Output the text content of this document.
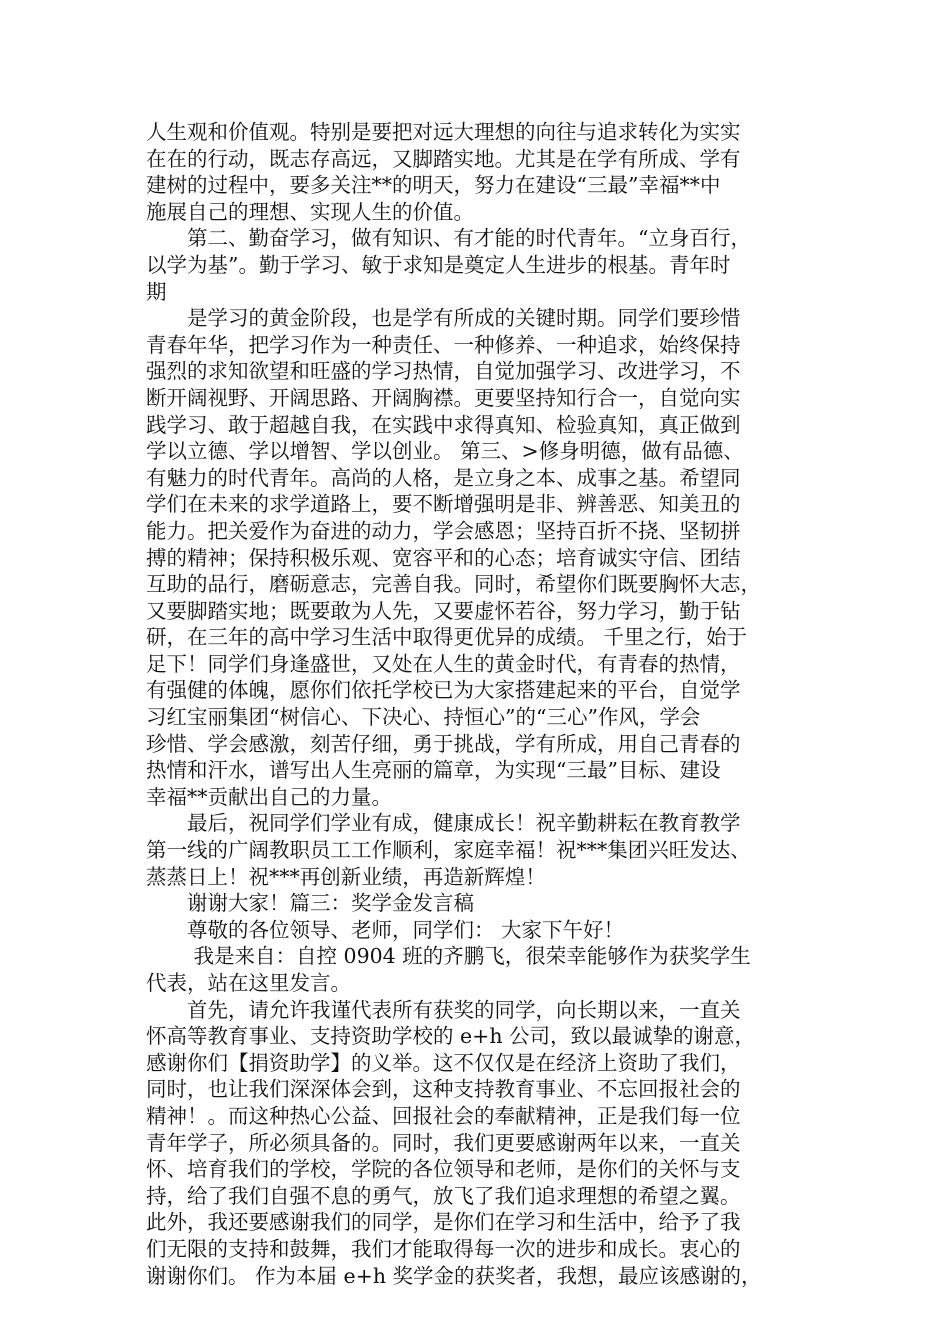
人生观和价值观。特别是要把对远大理想的向往与追求转化为实实
在在的行动，既志存高远，又脚踏实地。尤其是在学有所成、学有
建树的过程中，要多关注**的明天，努力在建设“三最”幸福**中
施展自己的理想、实现人生的价值。
　　第二、勤奋学习，做有知识、有才能的时代青年。“立身百行，
以学为基”。勤于学习、敏于求知是奠定人生进步的根基。青年时
期
　　是学习的黄金阶段，也是学有所成的关键时期。同学们要珍惜
青春年华，把学习作为一种责任、一种修养、一种追求，始终保持
强烈的求知欲望和旺盛的学习热情，自觉加强学习、改进学习，不
断开阔视野、开阔思路、开阔胸襟。更要坚持知行合一，自觉向实
践学习、敢于超越自我，在实践中求得真知、检验真知，真正做到
学以立德、学以增智、学以创业。 第三、>修身明德，做有品德、
有魅力的时代青年。高尚的人格，是立身之本、成事之基。希望同
学们在未来的求学道路上，要不断增强明是非、辨善恶、知美丑的
能力。把关爱作为奋进的动力，学会感恩；坚持百折不挠、坚韧拼
搏的精神；保持积极乐观、宽容平和的心态；培育诚实守信、团结
互助的品行，磨砺意志，完善自我。同时，希望你们既要胸怀大志，
又要脚踏实地；既要敢为人先，又要虚怀若谷，努力学习，勤于钻
研，在三年的高中学习生活中取得更优异的成绩。 千里之行，始于
足下！同学们身逢盛世，又处在人生的黄金时代，有青春的热情，
有强健的体魄，愿你们依托学校已为大家搭建起来的平台，自觉学
习红宝丽集团“树信心、下决心、持恒心”的“三心”作风，学会
珍惜、学会感激，刻苦仔细，勇于挑战，学有所成，用自己青春的
热情和汗水，谱写出人生亮丽的篇章，为实现“三最”目标、建设
幸福**贡献出自己的力量。
　　最后，祝同学们学业有成，健康成长！祝辛勤耕耘在教育教学
第一线的广阔教职员工工作顺利，家庭幸福！祝***集团兴旺发达、
蒸蒸日上！祝***再创新业绩，再造新辉煌！
　　谢谢大家！篇三：奖学金发言稿
　　尊敬的各位领导、老师，同学们： 大家下午好！
　　 我是来自：自控 0904 班的齐鹏飞，很荣幸能够作为获奖学生
代表，站在这里发言。
　　首先，请允许我谨代表所有获奖的同学，向长期以来，一直关
怀高等教育事业、支持资助学校的 e+h 公司，致以最诚挚的谢意，
感谢你们【捐资助学】的义举。这不仅仅是在经济上资助了我们，
同时，也让我们深深体会到，这种支持教育事业、不忘回报社会的
精神！。而这种热心公益、回报社会的奉献精神，正是我们每一位
青年学子，所必须具备的。同时，我们更要感谢两年以来，一直关
怀、培育我们的学校，学院的各位领导和老师，是你们的关怀与支
持，给了我们自强不息的勇气，放飞了我们追求理想的希望之翼。
此外，我还要感谢我们的同学，是你们在学习和生活中，给予了我
们无限的支持和鼓舞，我们才能取得每一次的进步和成长。衷心的
谢谢你们。 作为本届 e+h 奖学金的获奖者，我想，最应该感谢的，
